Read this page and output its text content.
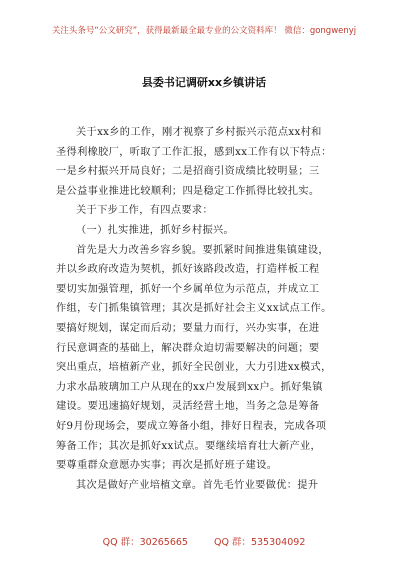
关注头条号“公文研究”，获得最新最全最专业的公文资料库！ 微信：gongwenyj
县委书记调研xx乡镇讲话

关于xx乡的工作，刚才视察了乡村振兴示范点xx村和

圣得利橡胶厂，听取了工作汇报，感到xx工作有以下特点：

一是乡村振兴开局良好；二是招商引资成绩比较明显；三

是公益事业推进比较顺利；四是稳定工作抓得比较扎实。

关于下步工作，有四点要求：

（一）扎实推进，抓好乡村振兴。

首先是大力改善乡容乡貌。要抓紧时间推进集镇建设，

并以乡政府改造为契机，抓好该路段改造，打造样板工程

要切实加强管理，抓好一个乡属单位为示范点，并成立工

作组，专门抓集镇管理；其次是抓好社会主义xx试点工作。

要搞好规划，谋定而后动；要量力而行，兴办实事，在进

行民意调查的基础上，解决群众迫切需要解决的问题；要

突出重点，培植新产业，抓好全民创业，大力引进xx模式，

力求水晶玻璃加工户从现在的xx户发展到xx户。抓好集镇

建设。要迅速搞好规划，灵活经营土地，当务之急是筹备

好9月份现场会，要成立筹备小组，排好日程表，完成各项

筹备工作；其次是抓好xx试点。要继续培育壮大新产业，

要尊重群众意愿办实事；再次是抓好班子建设。

其次是做好产业培植文章。首先毛竹业要做优：提升

QQ 群：30265665	QQ 群：535304092
